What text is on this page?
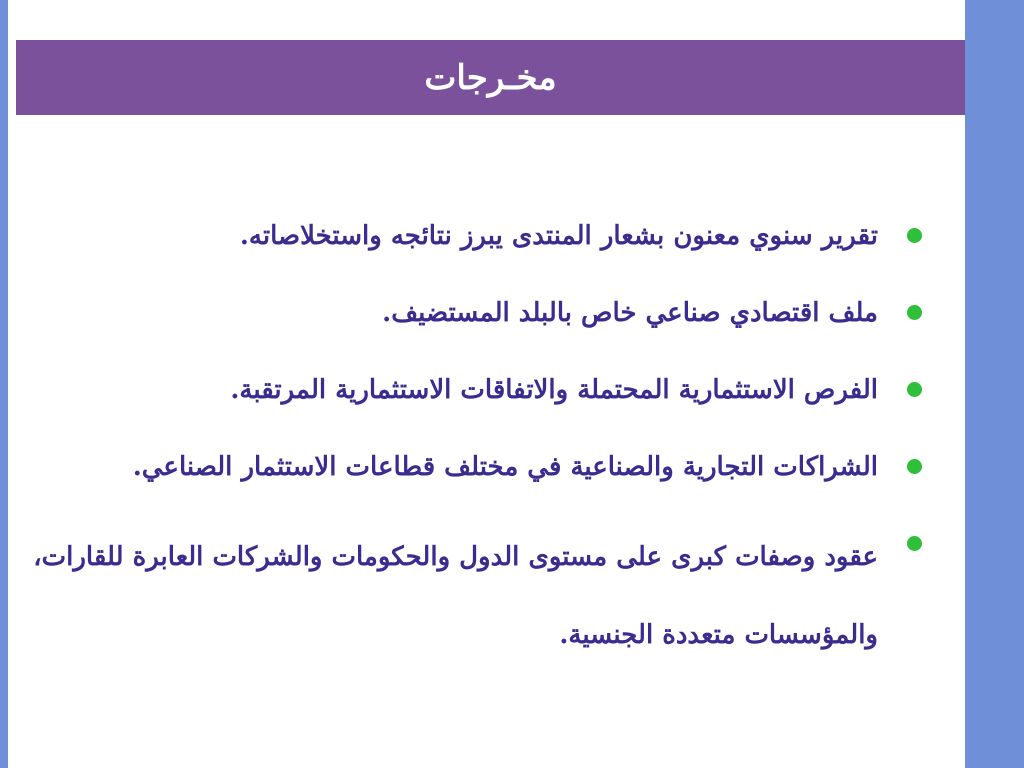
مخـرجات
تقرير سنوي معنون بشعار المنتدى يبرز نتائجه واستخلاصاته.
ملف اقتصادي صناعي خاص بالبلد المستضيف.
الفرص الاستثمارية المحتملة والاتفاقات الاستثمارية المرتقبة.
الشراكات التجارية والصناعية في مختلف قطاعات الاستثمار الصناعي.
عقود وصفات كبرى على مستوى الدول والحكومات والشركات العابرة للقارات، والمؤسسات متعددة الجنسية.
